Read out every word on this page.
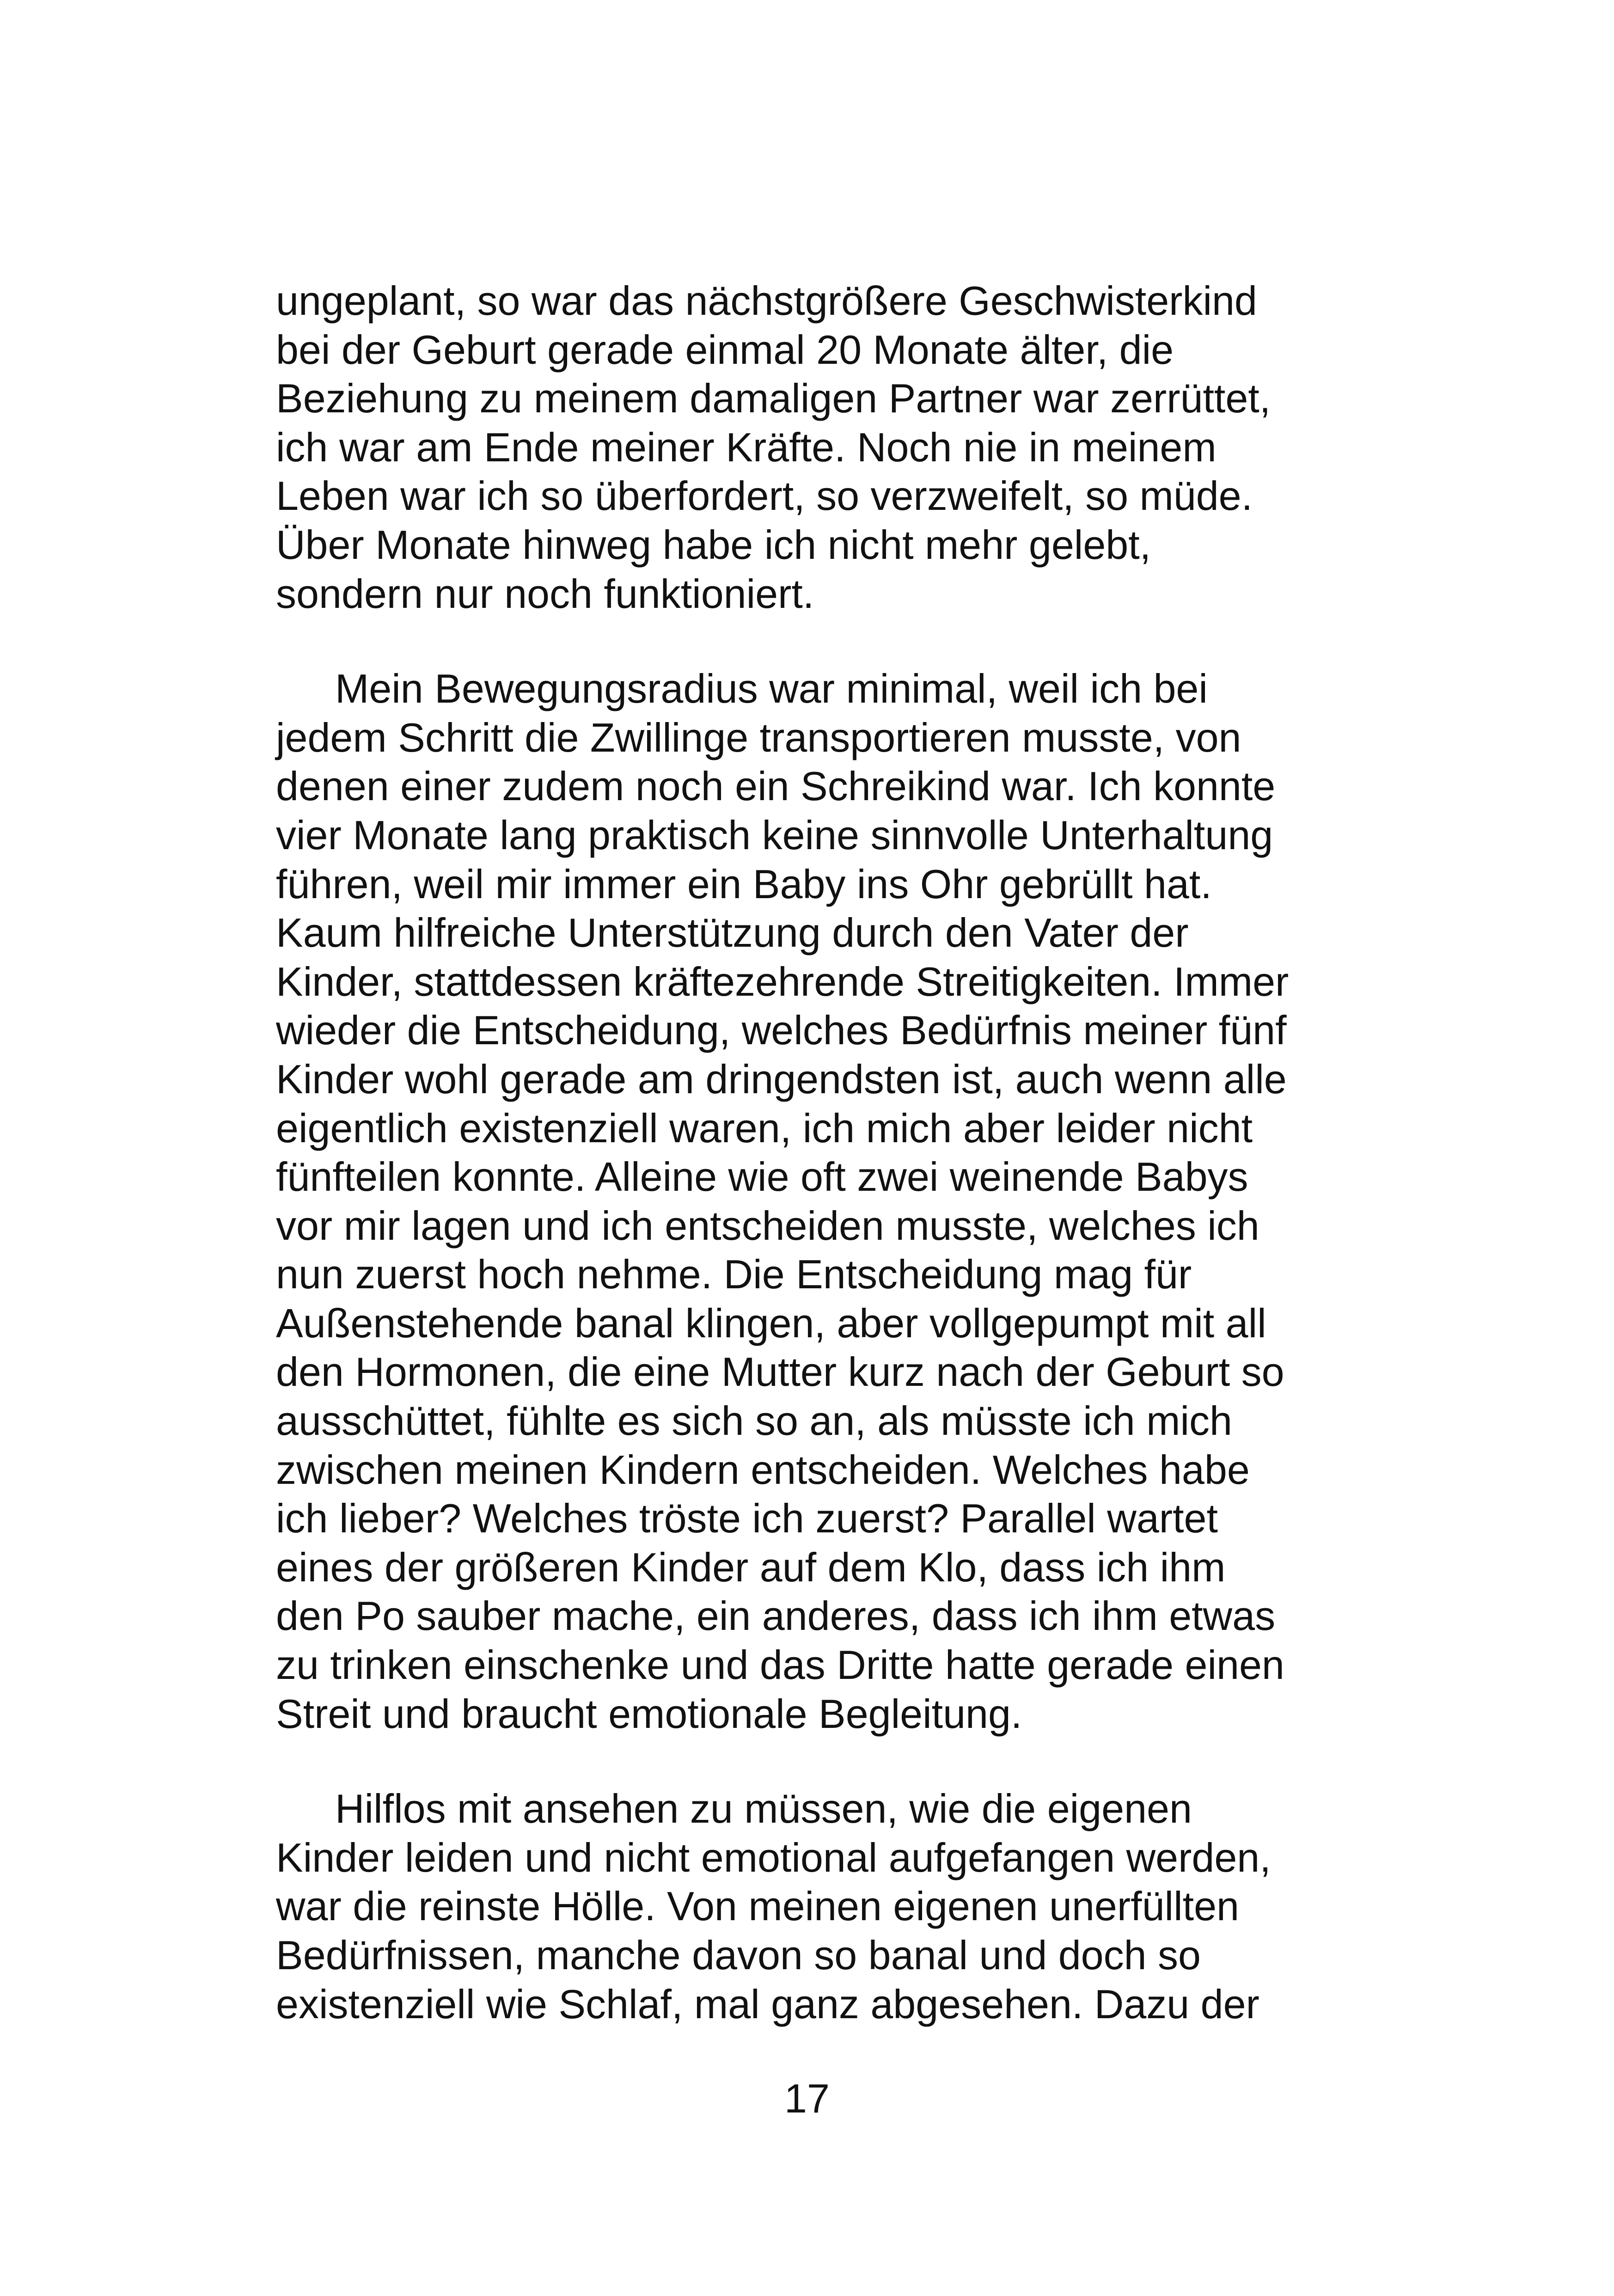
ungeplant, so war das nächstgrößere Geschwisterkind
bei der Geburt gerade einmal 20 Monate älter, die
Beziehung zu meinem damaligen Partner war zerrüttet,
ich war am Ende meiner Kräfte. Noch nie in meinem
Leben war ich so überfordert, so verzweifelt, so müde.
Über Monate hinweg habe ich nicht mehr gelebt,
sondern nur noch funktioniert.
Mein Bewegungsradius war minimal, weil ich bei
jedem Schritt die Zwillinge transportieren musste, von
denen einer zudem noch ein Schreikind war. Ich konnte
vier Monate lang praktisch keine sinnvolle Unterhaltung
führen, weil mir immer ein Baby ins Ohr gebrüllt hat.
Kaum hilfreiche Unterstützung durch den Vater der
Kinder, stattdessen kräftezehrende Streitigkeiten. Immer
wieder die Entscheidung, welches Bedürfnis meiner fünf
Kinder wohl gerade am dringendsten ist, auch wenn alle
eigentlich existenziell waren, ich mich aber leider nicht
fünfteilen konnte. Alleine wie oft zwei weinende Babys
vor mir lagen und ich entscheiden musste, welches ich
nun zuerst hoch nehme. Die Entscheidung mag für
Außenstehende banal klingen, aber vollgepumpt mit all
den Hormonen, die eine Mutter kurz nach der Geburt so
ausschüttet, fühlte es sich so an, als müsste ich mich
zwischen meinen Kindern entscheiden. Welches habe
ich lieber? Welches tröste ich zuerst? Parallel wartet
eines der größeren Kinder auf dem Klo, dass ich ihm
den Po sauber mache, ein anderes, dass ich ihm etwas
zu trinken einschenke und das Dritte hatte gerade einen
Streit und braucht emotionale Begleitung.
Hilflos mit ansehen zu müssen, wie die eigenen
Kinder leiden und nicht emotional aufgefangen werden,
war die reinste Hölle. Von meinen eigenen unerfüllten
Bedürfnissen, manche davon so banal und doch so
existenziell wie Schlaf, mal ganz abgesehen. Dazu der
17
